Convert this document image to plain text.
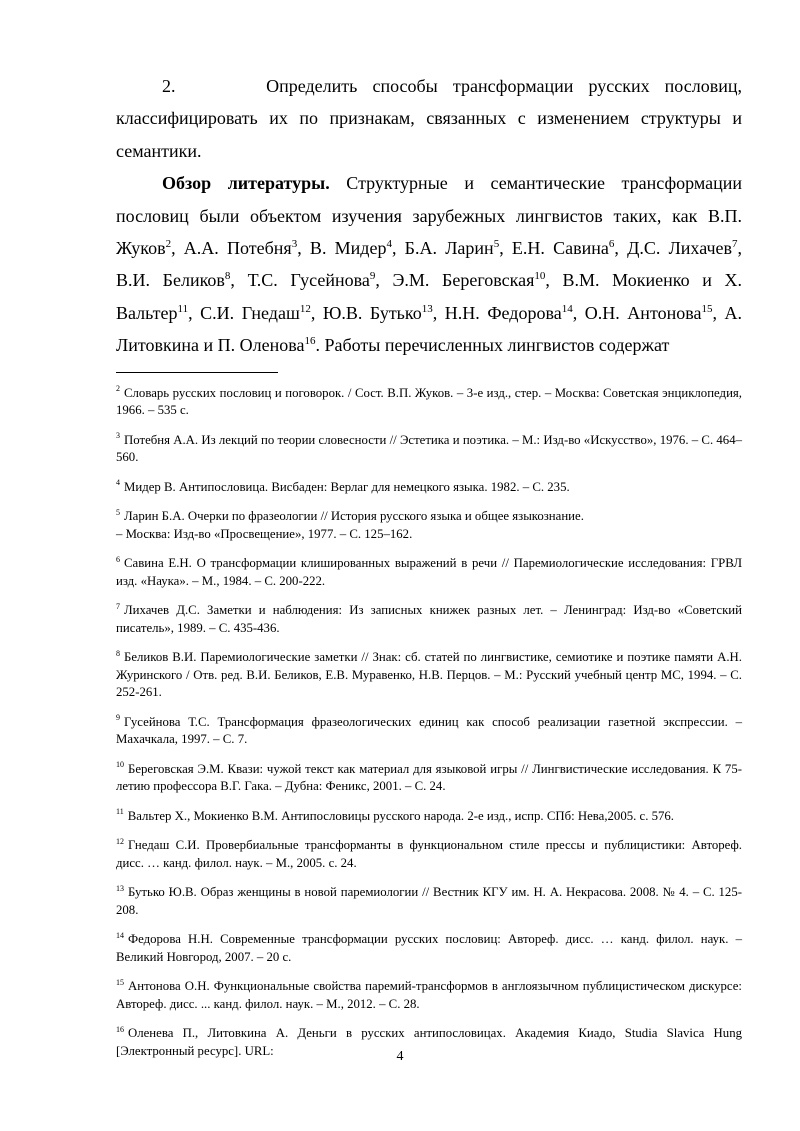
2.      Определить способы трансформации русских пословиц, классифицировать их по признакам, связанных с изменением структуры и семантики.

Обзор литературы. Структурные и семантические трансформации пословиц были объектом изучения зарубежных лингвистов таких, как В.П. Жуков$^2$, А.А. Потебня$^3$, В. Мидер$^4$, Б.А. Ларин$^5$, Е.Н. Савина$^6$, Д.С. Лихачев$^7$, В.И. Беликов$^8$, Т.С. Гусейнова$^9$, Э.М. Береговская$^{10}$, В.М. Мокиенко и Х. Вальтер$^{11}$, С.И. Гнедаш$^{12}$, Ю.В. Бутько$^{13}$, Н.Н. Федорова$^{14}$, О.Н. Антонова$^{15}$, А. Литовкина и П. Оленова$^{16}$. Работы перечисленных лингвистов содержат

$^2$ Словарь русских пословиц и поговорок. / Сост. В.П. Жуков. – 3-е изд., стер. – Москва: Советская энциклопедия, 1966. – 535 с.

$^3$ Потебня А.А. Из лекций по теории словесности // Эстетика и поэтика. – М.: Изд-во «Искусство», 1976. – С. 464–560.

$^4$ Мидер В. Антипословица. Висбаден: Верлаг для немецкого языка. 1982. – С. 235.

$^5$ Ларин Б.А. Очерки по фразеологии // История русского языка и общее языкознание.
– Москва: Изд-во «Просвещение», 1977. – С. 125–162.

$^6$ Савина Е.Н. О трансформации клишированных выражений в речи // Паремиологические исследования: ГРВЛ изд. «Наука». – М., 1984. – С. 200-222.

$^7$ Лихачев Д.С. Заметки и наблюдения: Из записных книжек разных лет. – Ленинград: Изд-во «Советский писатель», 1989. – С. 435-436.

$^8$ Беликов В.И. Паремиологические заметки // Знак: сб. статей по лингвистике, семиотике и поэтике памяти А.Н. Журинского / Отв. ред. В.И. Беликов, Е.В. Муравенко, Н.В. Перцов. – М.: Русский учебный центр МС, 1994. – С. 252-261.

$^9$ Гусейнова Т.С. Трансформация фразеологических единиц как способ реализации газетной экспрессии. – Махачкала, 1997. – С. 7.

$^{10}$ Береговская Э.М. Квази: чужой текст как материал для языковой игры // Лингвистические исследования. К 75-летию профессора В.Г. Гака. – Дубна: Феникс, 2001. – С. 24.

$^{11}$ Вальтер Х., Мокиенко В.М. Антипословицы русского народа. 2-е изд., испр. СПб: Нева,2005. с. 576.

$^{12}$ Гнедаш С.И. Провербиальные трансформанты в функциональном стиле прессы и публицистики: Автореф. дисс. … канд. филол. наук. – М., 2005. с. 24.

$^{13}$ Бутько Ю.В. Образ женщины в новой паремиологии // Вестник КГУ им. Н. А. Некрасова. 2008. № 4. – С. 125-208.

$^{14}$ Федорова Н.Н. Современные трансформации русских пословиц: Автореф. дисс. … канд. филол. наук. – Великий Новгород, 2007. – 20 с.

$^{15}$ Антонова О.Н. Функциональные свойства паремий-трансформов в англоязычном публицистическом дискурсе: Автореф. дисс. ... канд. филол. наук. – М., 2012. – С. 28.

$^{16}$ Оленева П., Литовкина А. Деньги в русских антипословицах. Академия Киадо, Studia Slavica Hung [Электронный ресурс]. URL:	4
